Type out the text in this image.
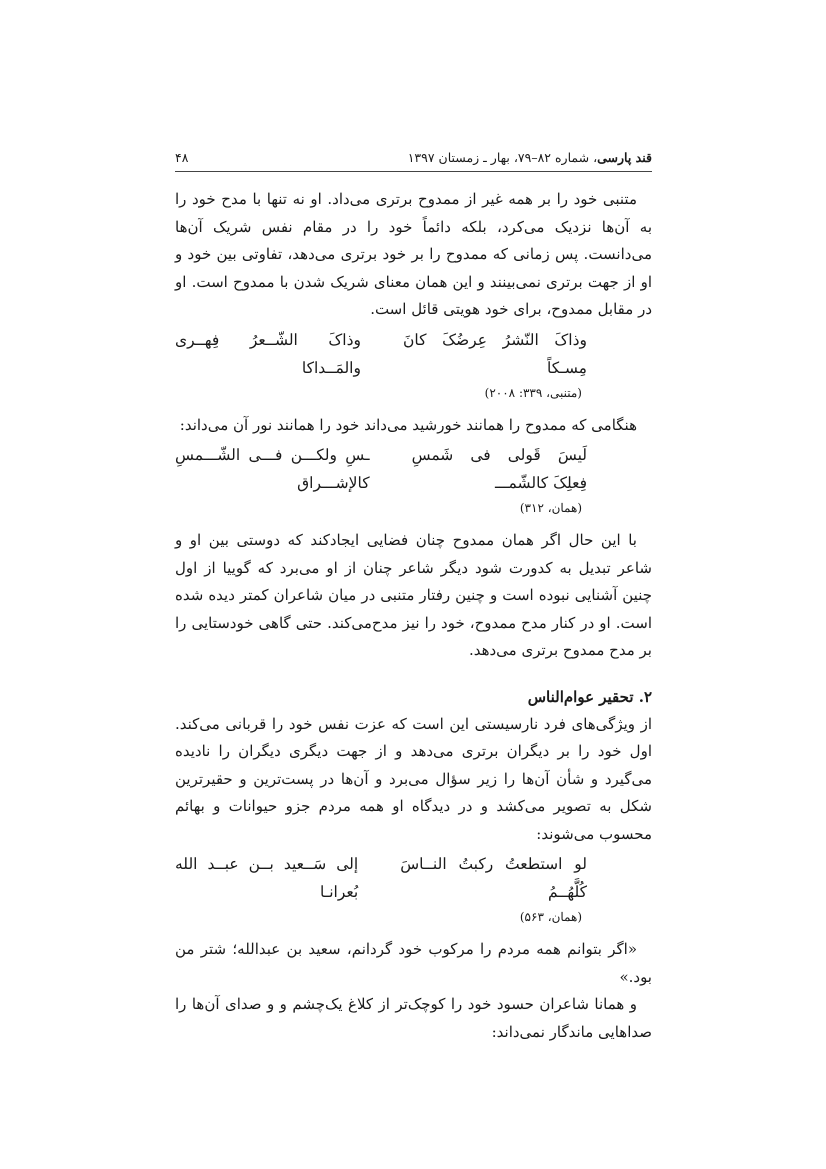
قند پارسی، شماره ۸۲–۷۹، بهار ـ زمستان ۱۳۹۷
۴۸

متنبی خود را بر همه غیر از ممدوح برتری می‌داد. او نه تنها با مدح خود را به آن‌ها نزدیک می‌کرد، بلکه دائماً خود را در مقام نفس شریک آن‌ها می‌دانست. پس زمانی که ممدوح را بر خود برتری می‌دهد، تفاوتی بین خود و او از جهت برتری نمی‌بینند و این همان معنای شریک شدن با ممدوح است. او در مقابل ممدوح، برای خود هویتی قائل است.

وذاکَ النّشرُ عِرضُکَ کانَ مِسـکاً
وذاکَ الشّــعرُ فِهــری والمَــداکا

(متنبی، ۳۳۹: ۲۰۰۸)

هنگامی که ممدوح را همانند خورشید می‌داند خود را همانند نور آن می‌داند:

لَیسَ قَولی فی شَمسِ فِعلِکَ کالشّمـــ
ـسِ ولکـــن فـــی الشّـــمسِ کالإشـــراق

(همان، ۳۱۲)

با این حال اگر همان ممدوح چنان فضایی ایجادکند که دوستی بین او و شاعر تبدیل به کدورت شود دیگر شاعر چنان از او می‌برد که گوییا از اول چنین آشنایی نبوده است و چنین رفتار متنبی در میان شاعران کمتر دیده شده است. او در کنار مدح ممدوح، خود را نیز مدح‌می‌کند. حتی گاهی خودستایی را بر مدح ممدوح برتری می‌دهد.

۲. تحقیر عوام‌الناس

از ویژگی‌های فرد نارسیستی این است که عزت نفس خود را قربانی می‌کند. اول خود را بر دیگران برتری می‌دهد و از جهت دیگری دیگران را نادیده می‌گیرد و شأن آن‌ها را زیر سؤال می‌برد و آن‌ها در پست‌ترین و حقیرترین شکل به تصویر می‌کشد و در دیدگاه او همه مردم جزو حیوانات و بهائم محسوب می‌شوند:

لو استطعتُ رکبتُ النــاسَ کُلَّهُــمُ
إلی سَــعید بــن عبــد الله بُعرانـا

(همان، ۵۶۳)

«اگر بتوانم همه مردم را مرکوب خود گردانم، سعید بن عبدالله؛ شتر من بود.»

و همانا شاعران حسود خود را کوچک‌تر از کلاغ یک‌چشم و و صدای آن‌ها را صداهایی ماندگار نمی‌داند:
